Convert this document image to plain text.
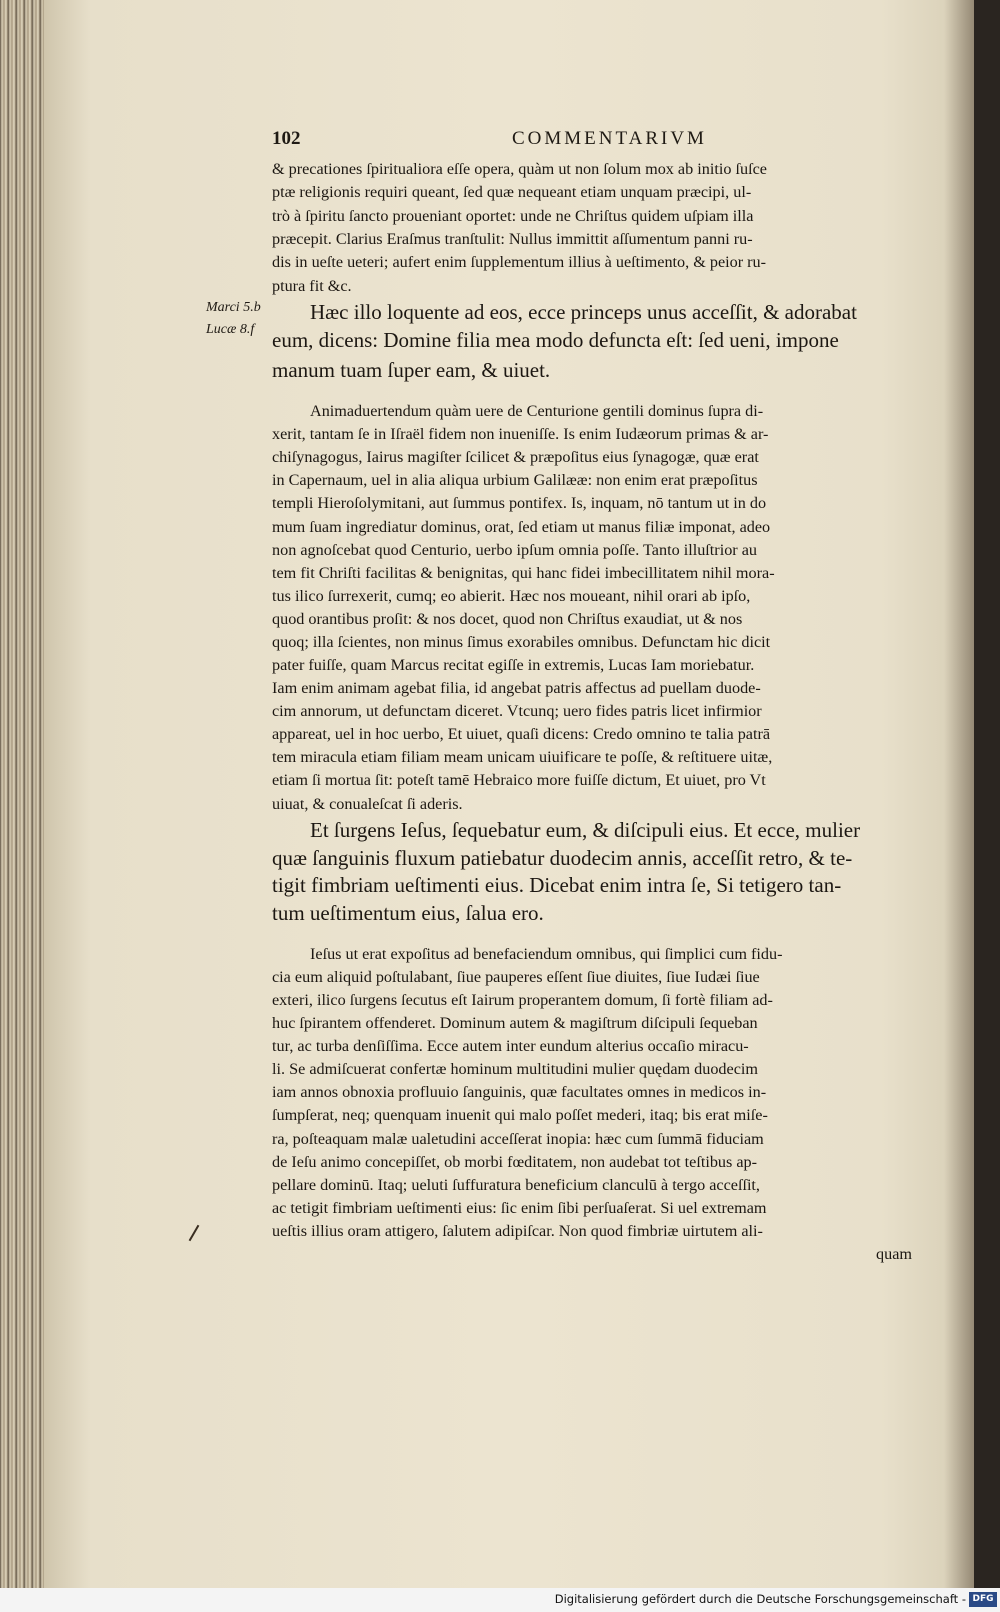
102	COMMENTARIVM
Marci 5.b
Lucæ 8.f
& precationes ſpiritualiora eſſe opera, quàm ut non ſolum mox ab initio ſuſce
ptæ religionis requiri queant, ſed quæ nequeant etiam unquam præcipi, ul-
trò à ſpiritu ſancto proueniant oportet: unde ne Chriſtus quidem uſpiam illa
præcepit. Clarius Eraſmus tranſtulit: Nullus immittit aſſumentum panni ru-
dis in ueſte ueteri; aufert enim ſupplementum illius à ueſtimento, & peior ru-
ptura fit &c.
Hæc illo loquente ad eos, ecce princeps unus acceſſit, & adorabat
eum, dicens: Domine filia mea modo defuncta eſt: ſed ueni, impone
manum tuam ſuper eam, & uiuet.
Animaduertendum quàm uere de Centurione gentili dominus ſupra di-
xerit, tantam ſe in Iſraël fidem non inueniſſe. Is enim Iudæorum primas & ar-
chiſynagogus, Iairus magiſter ſcilicet & præpoſitus eius ſynagogæ, quæ erat
in Capernaum, uel in alia aliqua urbium Galilææ: non enim erat præpoſitus
templi Hieroſolymitani, aut ſummus pontifex. Is, inquam, nō tantum ut in do
mum ſuam ingrediatur dominus, orat, ſed etiam ut manus filiæ imponat, adeo
non agnoſcebat quod Centurio, uerbo ipſum omnia poſſe. Tanto illuſtrior au
tem fit Chriſti facilitas & benignitas, qui hanc fidei imbecillitatem nihil mora-
tus ilico ſurrexerit, cumq; eo abierit. Hæc nos moueant, nihil orari ab ipſo,
quod orantibus proſit: & nos docet, quod non Chriſtus exaudiat, ut & nos
quoq; illa ſcientes, non minus ſimus exorabiles omnibus. Defunctam hic dicit
pater fuiſſe, quam Marcus recitat egiſſe in extremis, Lucas Iam moriebatur.
Iam enim animam agebat filia, id angebat patris affectus ad puellam duode-
cim annorum, ut defunctam diceret. Vtcunq; uero fides patris licet infirmior
appareat, uel in hoc uerbo, Et uiuet, quaſi dicens: Credo omnino te talia patrā
tem miracula etiam filiam meam unicam uiuificare te poſſe, & reſtituere uitæ,
etiam ſi mortua ſit: poteſt tamē Hebraico more fuiſſe dictum, Et uiuet, pro Vt
uiuat, & conualeſcat ſi aderis.
Et ſurgens Ieſus, ſequebatur eum, & diſcipuli eius. Et ecce, mulier
quæ ſanguinis fluxum patiebatur duodecim annis, acceſſit retro, & te-
tigit fimbriam ueſtimenti eius. Dicebat enim intra ſe, Si tetigero tan-
tum ueſtimentum eius, ſalua ero.
Ieſus ut erat expoſitus ad benefaciendum omnibus, qui ſimplici cum fidu-
cia eum aliquid poſtulabant, ſiue pauperes eſſent ſiue diuites, ſiue Iudæi ſiue
exteri, ilico ſurgens ſecutus eſt Iairum properantem domum, ſi fortè filiam ad-
huc ſpirantem offenderet. Dominum autem & magiſtrum diſcipuli ſequeban
tur, ac turba denſiſſima. Ecce autem inter eundum alterius occaſio miracu-
li. Se admiſcuerat confertæ hominum multitudini mulier quędam duodecim
iam annos obnoxia profluuio ſanguinis, quæ facultates omnes in medicos in-
ſumpſerat, neq; quenquam inuenit qui malo poſſet mederi, itaq; bis erat miſe-
ra, poſteaquam malæ ualetudini acceſſerat inopia: hæc cum ſummā fiduciam
de Ieſu animo concepiſſet, ob morbi fœditatem, non audebat tot teſtibus ap-
pellare dominū. Itaq; ueluti ſuffuratura beneficium clanculū à tergo acceſſit,
ac tetigit fimbriam ueſtimenti eius: ſic enim ſibi perſuaſerat. Si uel extremam
ueſtis illius oram attigero, ſalutem adipiſcar. Non quod fimbriæ uirtutem ali-
quam
Digitalisierung gefördert durch die Deutsche Forschungsgemeinschaft - DFG
